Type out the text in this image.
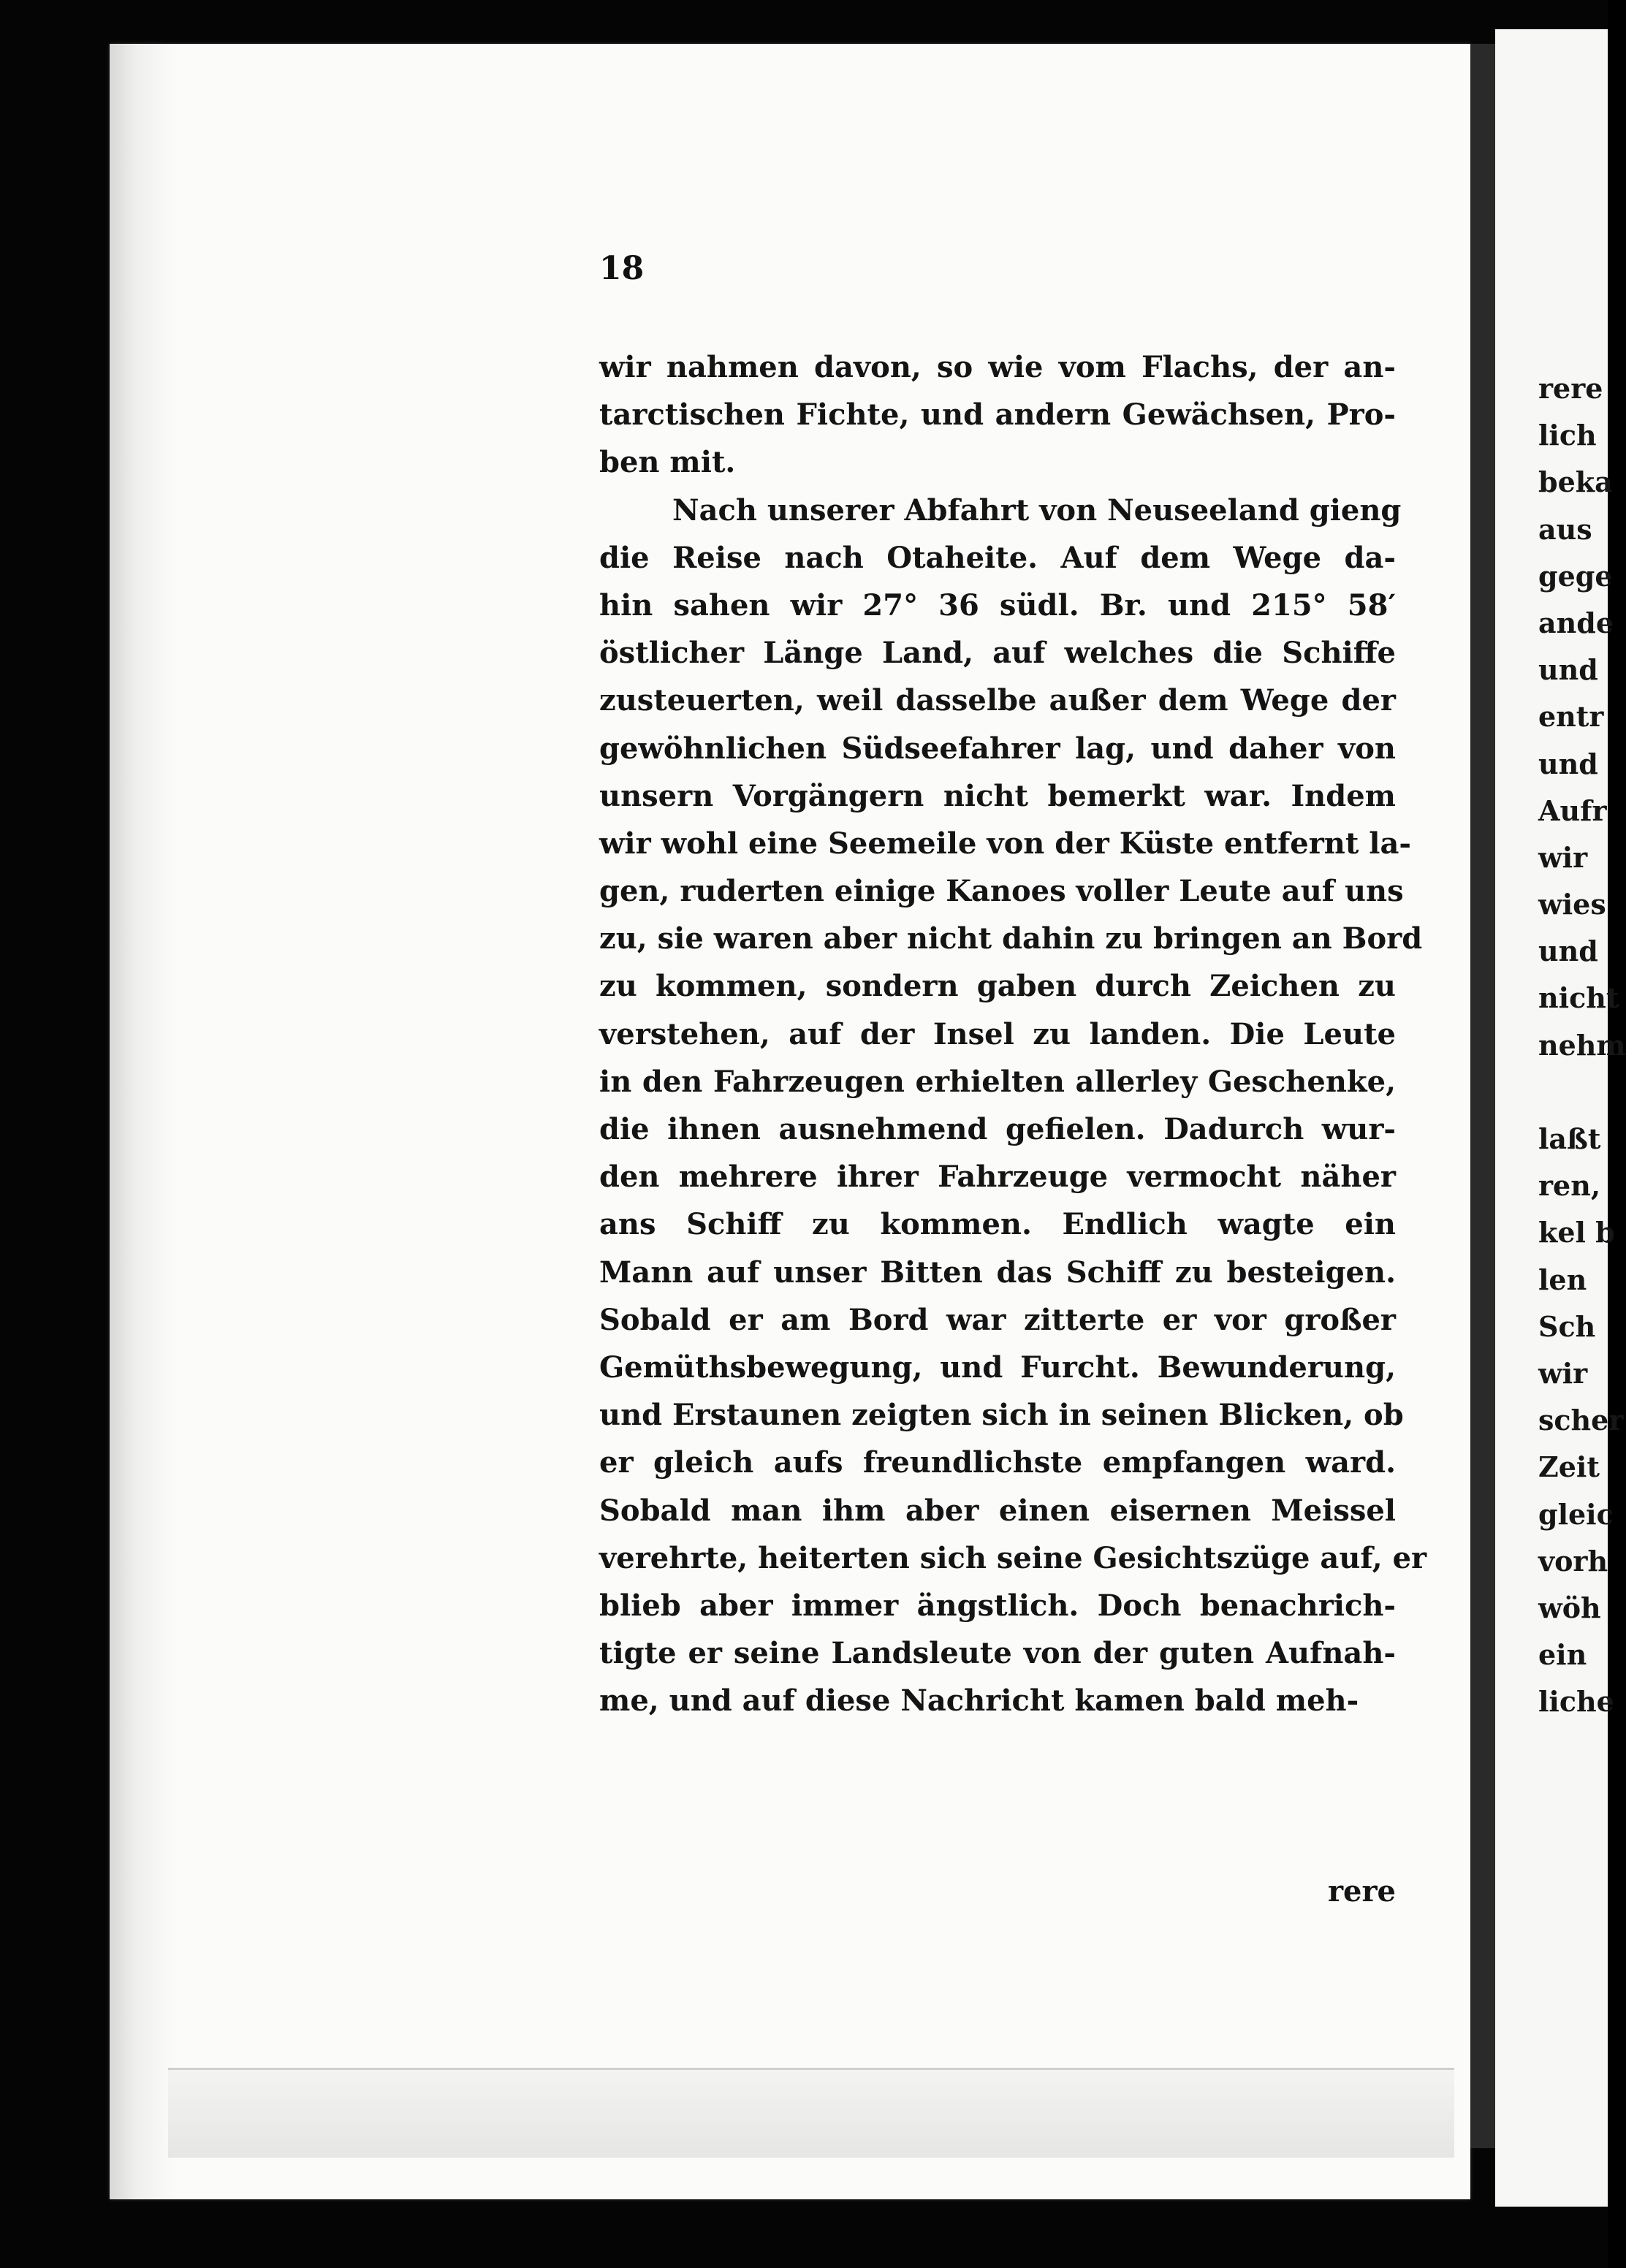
18

wir nahmen davon, so wie vom Flachs, der an-
tarctischen Fichte, und andern Gewächsen, Pro-
ben mit.
Nach unserer Abfahrt von Neuseeland gieng
die Reise nach Otaheite. Auf dem Wege da-
hin sahen wir 27° 36 südl. Br. und 215° 58′
östlicher Länge Land, auf welches die Schiffe
zusteuerten, weil dasselbe außer dem Wege der
gewöhnlichen Südseefahrer lag, und daher von
unsern Vorgängern nicht bemerkt war. Indem
wir wohl eine Seemeile von der Küste entfernt la-
gen, ruderten einige Kanoes voller Leute auf uns
zu, sie waren aber nicht dahin zu bringen an Bord
zu kommen, sondern gaben durch Zeichen zu
verstehen, auf der Insel zu landen. Die Leute
in den Fahrzeugen erhielten allerley Geschenke,
die ihnen ausnehmend gefielen. Dadurch wur-
den mehrere ihrer Fahrzeuge vermocht näher
ans Schiff zu kommen. Endlich wagte ein
Mann auf unser Bitten das Schiff zu besteigen.
Sobald er am Bord war zitterte er vor großer
Gemüthsbewegung, und Furcht. Bewunderung,
und Erstaunen zeigten sich in seinen Blicken, ob
er gleich aufs freundlichste empfangen ward.
Sobald man ihm aber einen eisernen Meissel
verehrte, heiterten sich seine Gesichtszüge auf, er
blieb aber immer ängstlich. Doch benachrich-
tigte er seine Landsleute von der guten Aufnah-
me, und auf diese Nachricht kamen bald meh-
rere
rere
lich
beka
aus
gege
ande
und
entr
und
Aufr
wir
wies
und
nicht
nehm
laßt
ren,
kel b
len
Sch
wir
scher
Zeit
gleic
vorh
wöh
ein
liche
